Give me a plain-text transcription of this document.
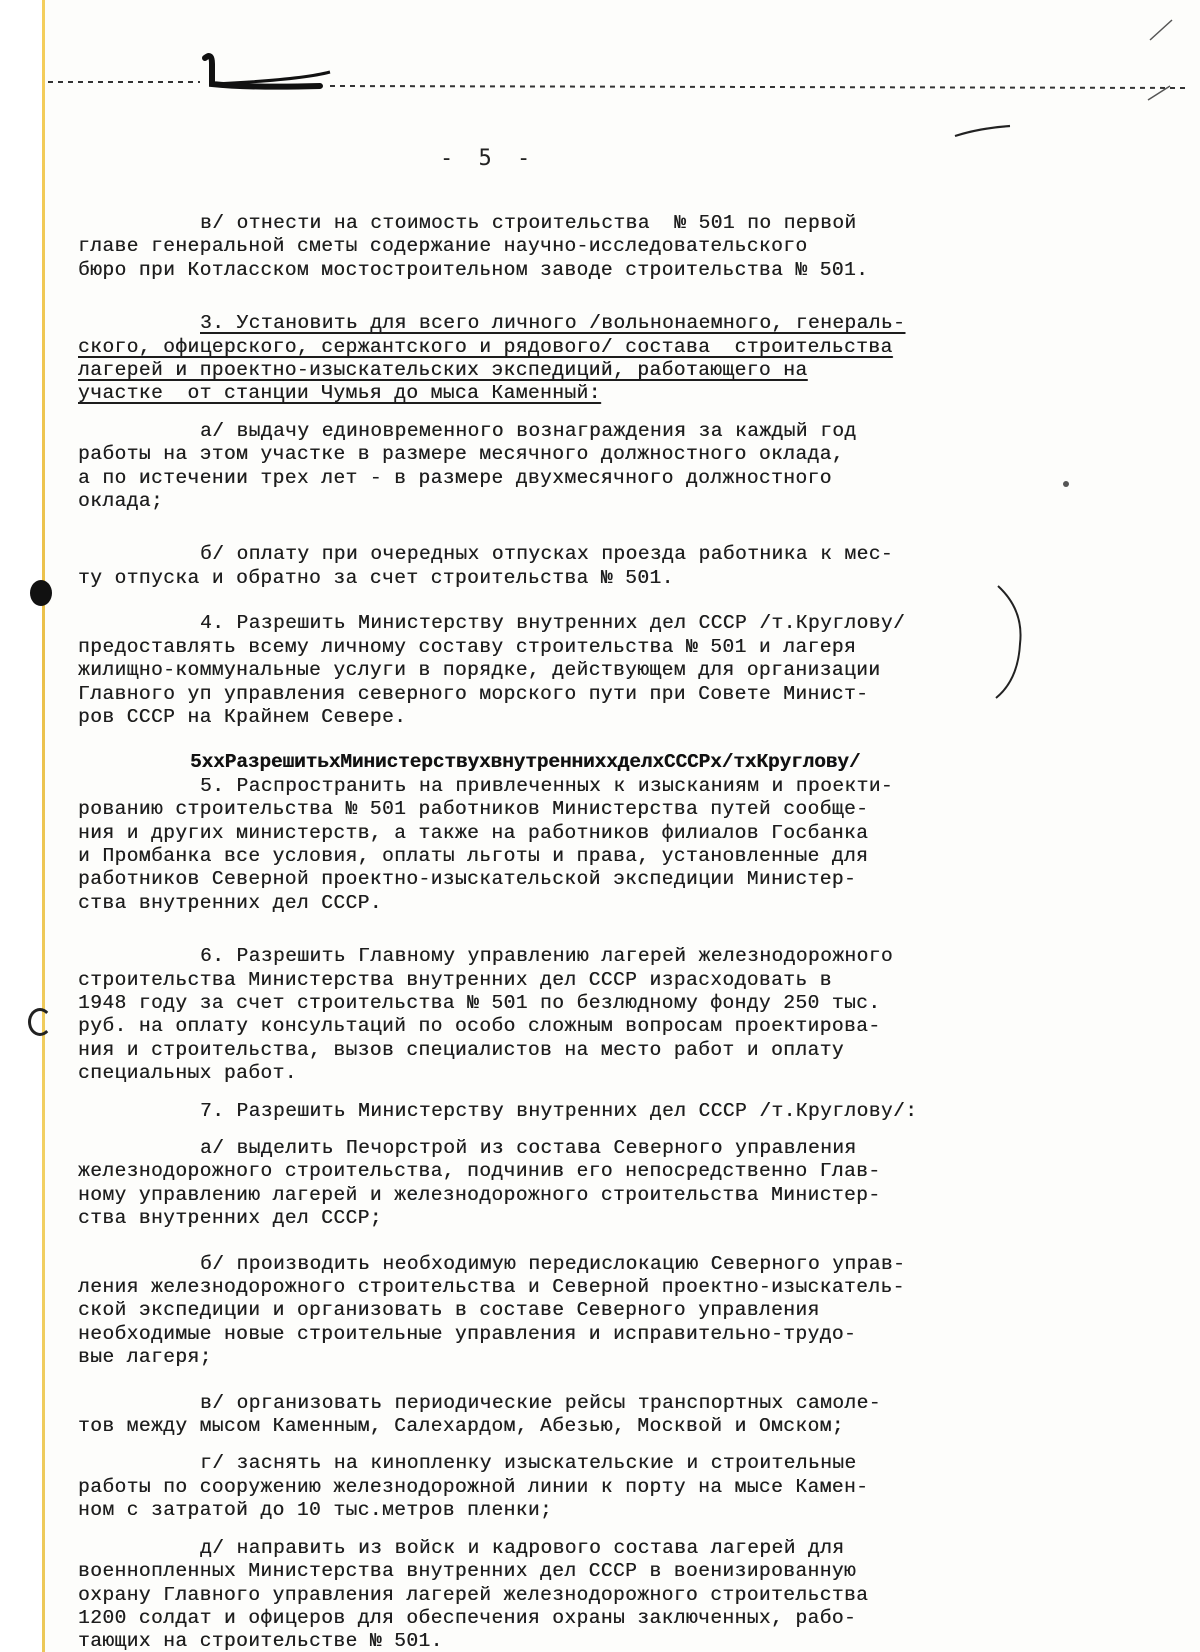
- 5 -
в/ отнести на стоимость строительства  № 501 по первой
главе генеральной сметы содержание научно-исследовательского
бюро при Котласском мостостроительном заводе строительства № 501.
3. Установить для всего личного /вольнонаемного, генераль-
ского, офицерского, сержантского и рядового/ состава  строительства
лагерей и проектно-изыскательских экспедиций, работающего на
участке  от станции Чумья до мыса Каменный:
а/ выдачу единовременного вознаграждения за каждый год
работы на этом участке в размере месячного должностного оклада,
а по истечении трех лет - в размере двухмесячного должностного
оклада;
б/ оплату при очередных отпусках проезда работника к мес-
ту отпуска и обратно за счет строительства № 501.
4. Разрешить Министерству внутренних дел СССР /т.Круглову/
предоставлять всему личному составу строительства № 501 и лагеря
жилищно-коммунальные услуги в порядке, действующем для организации
Главного уп управления северного морского пути при Совете Минист-
ров СССР на Крайнем Севере.
5хxРазрешитьxМинистерствуxвнутреннихxделxСССРx/тxКруглову/
5. Распространить на привлеченных к изысканиям и проекти-
рованию строительства № 501 работников Министерства путей сообще-
ния и других министерств, а также на работников филиалов Госбанка
и Промбанка все условия, оплаты льготы и права, установленные для
работников Северной проектно-изыскательской экспедиции Министер-
ства внутренних дел СССР.
6. Разрешить Главному управлению лагерей железнодорожного
строительства Министерства внутренних дел СССР израсходовать в
1948 году за счет строительства № 501 по безлюдному фонду 250 тыс.
руб. на оплату консультаций по особо сложным вопросам проектирова-
ния и строительства, вызов специалистов на место работ и оплату
специальных работ.
7. Разрешить Министерству внутренних дел СССР /т.Круглову/:
а/ выделить Печорстрой из состава Северного управления
железнодорожного строительства, подчинив его непосредственно Глав-
ному управлению лагерей и железнодорожного строительства Министер-
ства внутренних дел СССР;
б/ производить необходимую передислокацию Северного управ-
ления железнодорожного строительства и Северной проектно-изыскатель-
ской экспедиции и организовать в составе Северного управления
необходимые новые строительные управления и исправительно-трудо-
вые лагеря;
в/ организовать периодические рейсы транспортных самоле-
тов между мысом Каменным, Салехардом, Абезью, Москвой и Омском;
г/ заснять на кинопленку изыскательские и строительные
работы по сооружению железнодорожной линии к порту на мысе Камен-
ном с затратой до 10 тыс.метров пленки;
д/ направить из войск и кадрового состава лагерей для
военнопленных Министерства внутренних дел СССР в военизированную
охрану Главного управления лагерей железнодорожного строительства
1200 солдат и офицеров для обеспечения охраны заключенных, рабо-
тающих на строительстве № 501.
